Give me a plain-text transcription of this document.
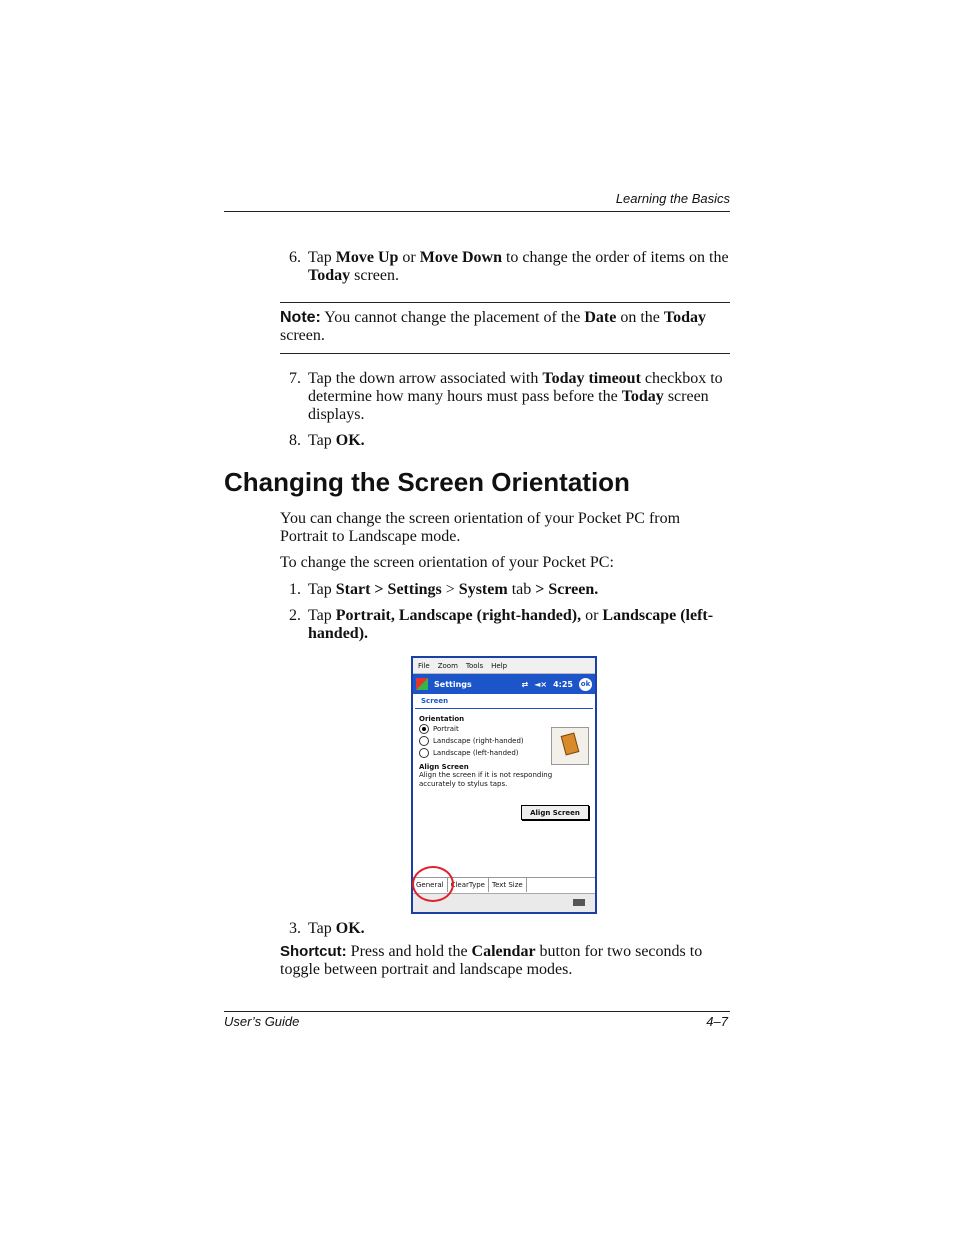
Learning the Basics
6. Tap Move Up or Move Down to change the order of items on the Today screen.
Note: You cannot change the placement of the Date on the Today screen.
7. Tap the down arrow associated with Today timeout checkbox to determine how many hours must pass before the Today screen displays.
8. Tap OK.
Changing the Screen Orientation
You can change the screen orientation of your Pocket PC from Portrait to Landscape mode.
To change the screen orientation of your Pocket PC:
1. Tap Start > Settings > System tab > Screen.
2. Tap Portrait, Landscape (right-handed), or Landscape (left-handed).
File Zoom Tools Help
Settings	⇄ ◄× 4:25 ok
Screen
Orientation
Portrait
Landscape (right-handed)
Landscape (left-handed)
Align Screen
Align the screen if it is not responding accurately to stylus taps.
Align Screen
General	ClearType	Text Size
3. Tap OK.
Shortcut: Press and hold the Calendar button for two seconds to toggle between portrait and landscape modes.
User’s Guide	4–7
